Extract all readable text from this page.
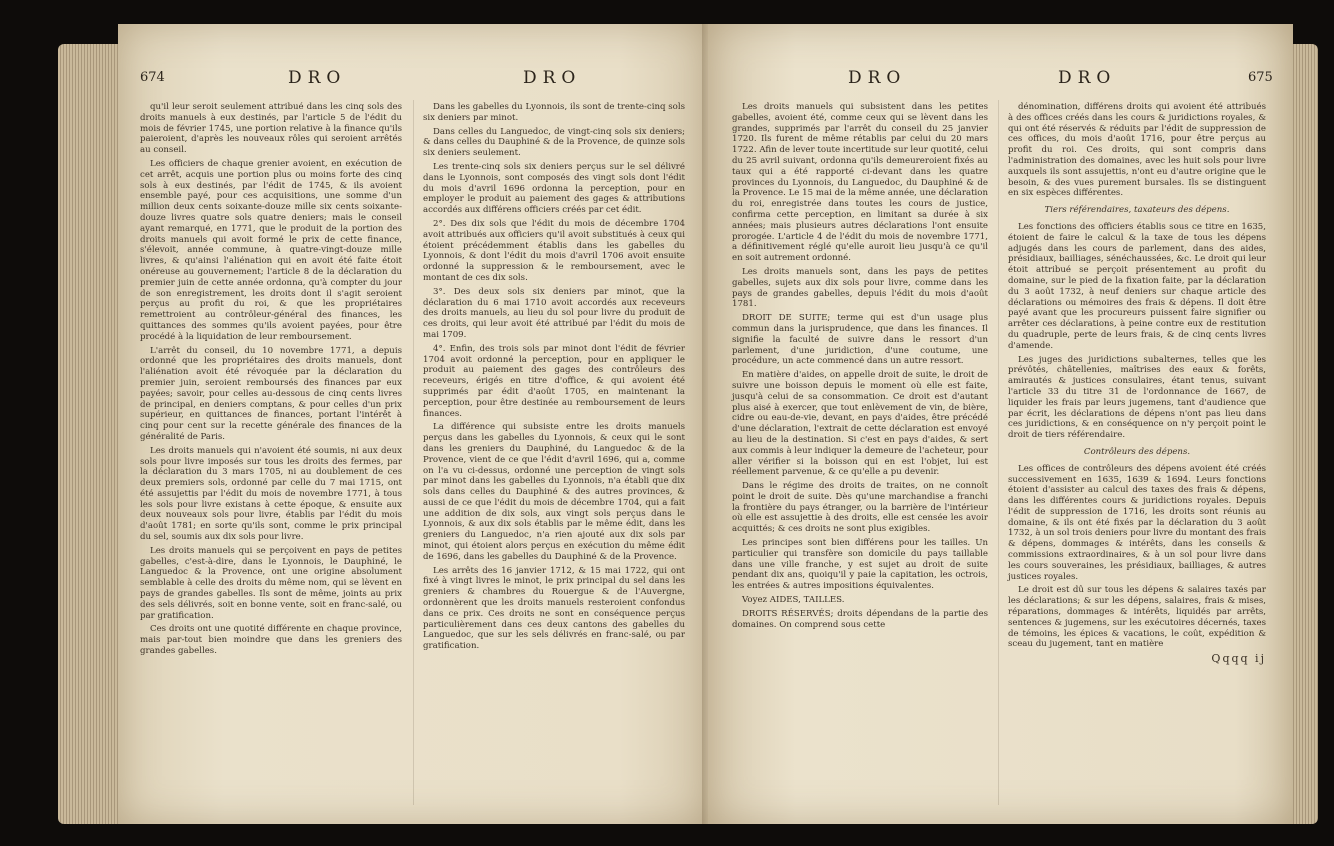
674	DRO	DRO

qu'il leur seroit seulement attribué dans les cinq sols des droits manuels à eux destinés, par l'article 5 de l'édit du mois de février 1745, une portion relative à la finance qu'ils paieroient, d'après les nouveaux rôles qui seroient arrêtés au conseil.

Les officiers de chaque grenier avoient, en exécution de cet arrêt, acquis une portion plus ou moins forte des cinq sols à eux destinés, par l'édit de 1745, & ils avoient ensemble payé, pour ces acquisitions, une somme d'un million deux cents soixante-douze mille six cents soixante-douze livres quatre sols quatre deniers; mais le conseil ayant remarqué, en 1771, que le produit de la portion des droits manuels qui avoit formé le prix de cette finance, s'élevoit, année commune, à quatre-vingt-douze mille livres, & qu'ainsi l'aliénation qui en avoit été faite étoit onéreuse au gouvernement; l'article 8 de la déclaration du premier juin de cette année ordonna, qu'à compter du jour de son enregistrement, les droits dont il s'agit seroient perçus au profit du roi, & que les propriétaires remettroient au contrôleur-général des finances, les quittances des sommes qu'ils avoient payées, pour être procédé à la liquidation de leur remboursement.

L'arrêt du conseil, du 10 novembre 1771, a depuis ordonné que les propriétaires des droits manuels, dont l'aliénation avoit été révoquée par la déclaration du premier juin, seroient remboursés des finances par eux payées; savoir, pour celles au-dessous de cinq cents livres de principal, en deniers comptans, & pour celles d'un prix supérieur, en quittances de finances, portant l'intérêt à cinq pour cent sur la recette générale des finances de la généralité de Paris.

Les droits manuels qui n'avoient été soumis, ni aux deux sols pour livre imposés sur tous les droits des fermes, par la déclaration du 3 mars 1705, ni au doublement de ces deux premiers sols, ordonné par celle du 7 mai 1715, ont été assujettis par l'édit du mois de novembre 1771, à tous les sols pour livre existans à cette époque, & ensuite aux deux nouveaux sols pour livre, établis par l'édit du mois d'août 1781; en sorte qu'ils sont, comme le prix principal du sel, soumis aux dix sols pour livre.

Les droits manuels qui se perçoivent en pays de petites gabelles, c'est-à-dire, dans le Lyonnois, le Dauphiné, le Languedoc & la Provence, ont une origine absolument semblable à celle des droits du même nom, qui se lèvent en pays de grandes gabelles. Ils sont de même, joints au prix des sels délivrés, soit en bonne vente, soit en franc-salé, ou par gratification.

Ces droits ont une quotité différente en chaque province, mais par-tout bien moindre que dans les greniers des grandes gabelles.

Dans les gabelles du Lyonnois, ils sont de trente-cinq sols six deniers par minot.

Dans celles du Languedoc, de vingt-cinq sols six deniers; & dans celles du Dauphiné & de la Provence, de quinze sols six deniers seulement.

Les trente-cinq sols six deniers perçus sur le sel délivré dans le Lyonnois, sont composés des vingt sols dont l'édit du mois d'avril 1696 ordonna la perception, pour en employer le produit au paiement des gages & attributions accordés aux différens officiers créés par cet édit.

2°. Des dix sols que l'édit du mois de décembre 1704 avoit attribués aux officiers qu'il avoit substitués à ceux qui étoient précédemment établis dans les gabelles du Lyonnois, & dont l'édit du mois d'avril 1706 avoit ensuite ordonné la suppression & le remboursement, avec le montant de ces dix sols.

3°. Des deux sols six deniers par minot, que la déclaration du 6 mai 1710 avoit accordés aux receveurs des droits manuels, au lieu du sol pour livre du produit de ces droits, qui leur avoit été attribué par l'édit du mois de mai 1709.

4°. Enfin, des trois sols par minot dont l'édit de février 1704 avoit ordonné la perception, pour en appliquer le produit au paiement des gages des contrôleurs des receveurs, érigés en titre d'office, & qui avoient été supprimés par édit d'août 1705, en maintenant la perception, pour être destinée au remboursement de leurs finances.

La différence qui subsiste entre les droits manuels perçus dans les gabelles du Lyonnois, & ceux qui le sont dans les greniers du Dauphiné, du Languedoc & de la Provence, vient de ce que l'édit d'avril 1696, qui a, comme on l'a vu ci-dessus, ordonné une perception de vingt sols par minot dans les gabelles du Lyonnois, n'a établi que dix sols dans celles du Dauphiné & des autres provinces, & aussi de ce que l'édit du mois de décembre 1704, qui a fait une addition de dix sols, aux vingt sols perçus dans le Lyonnois, & aux dix sols établis par le même édit, dans les greniers du Languedoc, n'a rien ajouté aux dix sols par minot, qui étoient alors perçus en exécution du même édit de 1696, dans les gabelles du Dauphiné & de la Provence.

Les arrêts des 16 janvier 1712, & 15 mai 1722, qui ont fixé à vingt livres le minot, le prix principal du sel dans les greniers & chambres du Rouergue & de l'Auvergne, ordonnèrent que les droits manuels resteroient confondus dans ce prix. Ces droits ne sont en conséquence perçus particulièrement dans ces deux cantons des gabelles du Languedoc, que sur les sels délivrés en franc-salé, ou par gratification.

DRO	DRO	675

Les droits manuels qui subsistent dans les petites gabelles, avoient été, comme ceux qui se lèvent dans les grandes, supprimés par l'arrêt du conseil du 25 janvier 1720. Ils furent de même rétablis par celui du 20 mars 1722. Afin de lever toute incertitude sur leur quotité, celui du 25 avril suivant, ordonna qu'ils demeureroient fixés au taux qui a été rapporté ci-devant dans les quatre provinces du Lyonnois, du Languedoc, du Dauphiné & de la Provence. Le 15 mai de la même année, une déclaration du roi, enregistrée dans toutes les cours de justice, confirma cette perception, en limitant sa durée à six années; mais plusieurs autres déclarations l'ont ensuite prorogée. L'article 4 de l'édit du mois de novembre 1771, a définitivement réglé qu'elle auroit lieu jusqu'à ce qu'il en soit autrement ordonné.

Les droits manuels sont, dans les pays de petites gabelles, sujets aux dix sols pour livre, comme dans les pays de grandes gabelles, depuis l'édit du mois d'août 1781.

DROIT DE SUITE; terme qui est d'un usage plus commun dans la jurisprudence, que dans les finances. Il signifie la faculté de suivre dans le ressort d'un parlement, d'une juridiction, d'une coutume, une procédure, un acte commencé dans un autre ressort.

En matière d'aides, on appelle droit de suite, le droit de suivre une boisson depuis le moment où elle est faite, jusqu'à celui de sa consommation. Ce droit est d'autant plus aisé à exercer, que tout enlèvement de vin, de bière, cidre ou eau-de-vie, devant, en pays d'aides, être précédé d'une déclaration, l'extrait de cette déclaration est envoyé au lieu de la destination. Si c'est en pays d'aides, & sert aux commis à leur indiquer la demeure de l'acheteur, pour aller vérifier si la boisson qui en est l'objet, lui est réellement parvenue, & ce qu'elle a pu devenir.

Dans le régime des droits de traites, on ne connoît point le droit de suite. Dès qu'une marchandise a franchi la frontière du pays étranger, ou la barrière de l'intérieur où elle est assujettie à des droits, elle est censée les avoir acquittés; & ces droits ne sont plus exigibles.

Les principes sont bien différens pour les tailles. Un particulier qui transfère son domicile du pays taillable dans une ville franche, y est sujet au droit de suite pendant dix ans, quoiqu'il y paie la capitation, les octrois, les entrées & autres impositions équivalentes.

Voyez AIDES, TAILLES.

DROITS RÉSERVÉS; droits dépendans de la partie des domaines. On comprend sous cette

dénomination, différens droits qui avoient été attribués à des offices créés dans les cours & juridictions royales, & qui ont été réservés & réduits par l'édit de suppression de ces offices, du mois d'août 1716, pour être perçus au profit du roi. Ces droits, qui sont compris dans l'administration des domaines, avec les huit sols pour livre auxquels ils sont assujettis, n'ont eu d'autre origine que le besoin, & des vues purement bursales. Ils se distinguent en six espèces différentes.

Tiers référendaires, taxateurs des dépens.

Les fonctions des officiers établis sous ce titre en 1635, étoient de faire le calcul & la taxe de tous les dépens adjugés dans les cours de parlement, dans des aides, présidiaux, bailliages, sénéchaussées, &c. Le droit qui leur étoit attribué se perçoit présentement au profit du domaine, sur le pied de la fixation faite, par la déclaration du 3 août 1732, à neuf deniers sur chaque article des déclarations ou mémoires des frais & dépens. Il doit être payé avant que les procureurs puissent faire signifier ou arrêter ces déclarations, à peine contre eux de restitution du quadruple, perte de leurs frais, & de cinq cents livres d'amende.

Les juges des juridictions subalternes, telles que les prévôtés, châtellenies, maîtrises des eaux & forêts, amirautés & justices consulaires, étant tenus, suivant l'article 33 du titre 31 de l'ordonnance de 1667, de liquider les frais par leurs jugemens, tant d'audience que par écrit, les déclarations de dépens n'ont pas lieu dans ces juridictions, & en conséquence on n'y perçoit point le droit de tiers référendaire.

Contrôleurs des dépens.

Les offices de contrôleurs des dépens avoient été créés successivement en 1635, 1639 & 1694. Leurs fonctions étoient d'assister au calcul des taxes des frais & dépens, dans les différentes cours & juridictions royales. Depuis l'édit de suppression de 1716, les droits sont réunis au domaine, & ils ont été fixés par la déclaration du 3 août 1732, à un sol trois deniers pour livre du montant des frais & dépens, dommages & intérêts, dans les conseils & commissions extraordinaires, & à un sol pour livre dans les cours souveraines, les présidiaux, bailliages, & autres justices royales.

Le droit est dû sur tous les dépens & salaires taxés par les déclarations; & sur les dépens, salaires, frais & mises, réparations, dommages & intérêts, liquidés par arrêts, sentences & jugemens, sur les exécutoires décernés, taxes de témoins, les épices & vacations, le coût, expédition & sceau du jugement, tant en matière

Qqqq ij
